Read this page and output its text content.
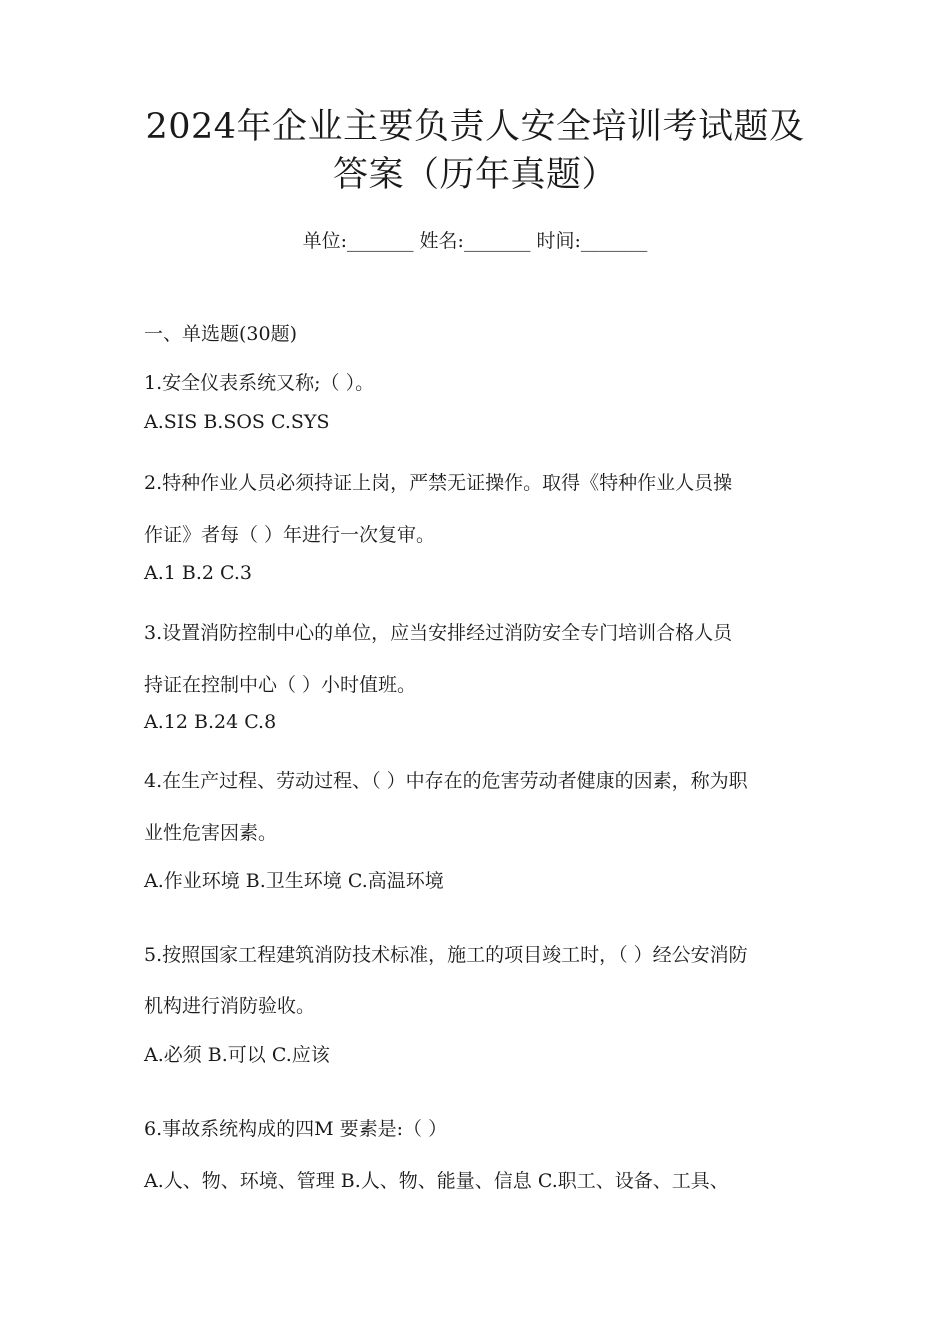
2024年企业主要负责人安全培训考试题及
答案（历年真题）
单位:_______ 姓名:_______ 时间:_______
一、单选题(30题)
1.安全仪表系统又称;（ ）。
A.SIS B.SOS C.SYS
2.特种作业人员必须持证上岗，严禁无证操作。取得《特种作业人员操
作证》者每（ ）年进行一次复审。
A.1 B.2 C.3
3.设置消防控制中心的单位，应当安排经过消防安全专门培训合格人员
持证在控制中心（ ）小时值班。
A.12 B.24 C.8
4.在生产过程、劳动过程、（ ）中存在的危害劳动者健康的因素，称为职
业性危害因素。
A.作业环境 B.卫生环境 C.高温环境
5.按照国家工程建筑消防技术标准，施工的项目竣工时，（ ）经公安消防
机构进行消防验收。
A.必须 B.可以 C.应该
6.事故系统构成的四M 要素是:（ ）
A.人、物、环境、管理 B.人、物、能量、信息 C.职工、设备、工具、
